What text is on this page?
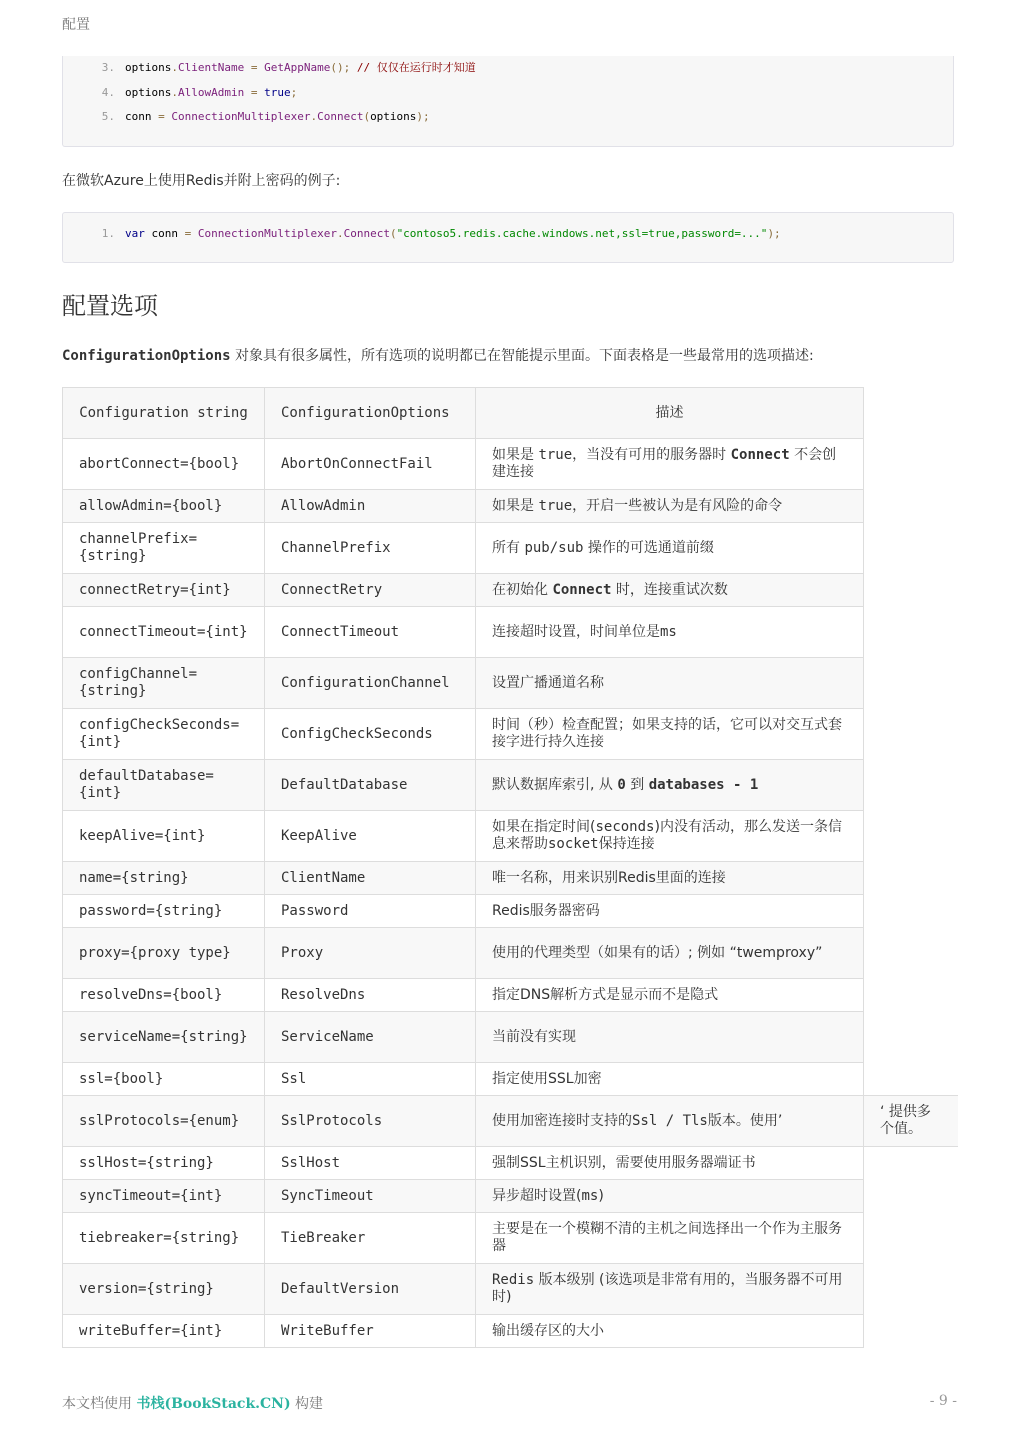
配置
3. options.ClientName = GetAppName(); // 仅仅在运行时才知道
4. options.AllowAdmin = true;
5. conn = ConnectionMultiplexer.Connect(options);
在微软Azure上使用Redis并附上密码的例子:
1. var conn = ConnectionMultiplexer.Connect("contoso5.redis.cache.windows.net,ssl=true,password=...");
配置选项
ConfigurationOptions 对象具有很多属性，所有选项的说明都已在智能提示里面。下面表格是一些最常用的选项描述:
Configuration string	ConfigurationOptions	描述	
abortConnect={bool}	AbortOnConnectFail	如果是 true，当没有可用的服务器时 Connect 不会创建连接	
allowAdmin={bool}	AllowAdmin	如果是 true，开启一些被认为是有风险的命令	
channelPrefix={string}	ChannelPrefix	所有 pub/sub 操作的可选通道前缀	
connectRetry={int}	ConnectRetry	在初始化 Connect 时，连接重试次数	
connectTimeout={int}	ConnectTimeout	连接超时设置，时间单位是ms	
configChannel={string}	ConfigurationChannel	设置广播通道名称	
configCheckSeconds={int}	ConfigCheckSeconds	时间（秒）检查配置；如果支持的话，它可以对交互式套接字进行持久连接	
defaultDatabase={int}	DefaultDatabase	默认数据库索引, 从 0 到 databases - 1	
keepAlive={int}	KeepAlive	如果在指定时间(seconds)内没有活动，那么发送一条信息来帮助socket保持连接	
name={string}	ClientName	唯一名称，用来识别Redis里面的连接	
password={string}	Password	Redis服务器密码	
proxy={proxy type}	Proxy	使用的代理类型（如果有的话）; 例如 “twemproxy”	
resolveDns={bool}	ResolveDns	指定DNS解析方式是显示而不是隐式	
serviceName={string}	ServiceName	当前没有实现	
ssl={bool}	Ssl	指定使用SSL加密	
sslProtocols={enum}	SslProtocols	使用加密连接时支持的Ssl / Tls版本。使用’	‘ 提供多个值。
sslHost={string}	SslHost	强制SSL主机识别，需要使用服务器端证书	
syncTimeout={int}	SyncTimeout	异步超时设置(ms)	
tiebreaker={string}	TieBreaker	主要是在一个模糊不清的主机之间选择出一个作为主服务器	
version={string}	DefaultVersion	Redis 版本级别 (该选项是非常有用的，当服务器不可用时)	
writeBuffer={int}	WriteBuffer	输出缓存区的大小	
本文档使用 书栈(BookStack.CN) 构建	- 9 -
